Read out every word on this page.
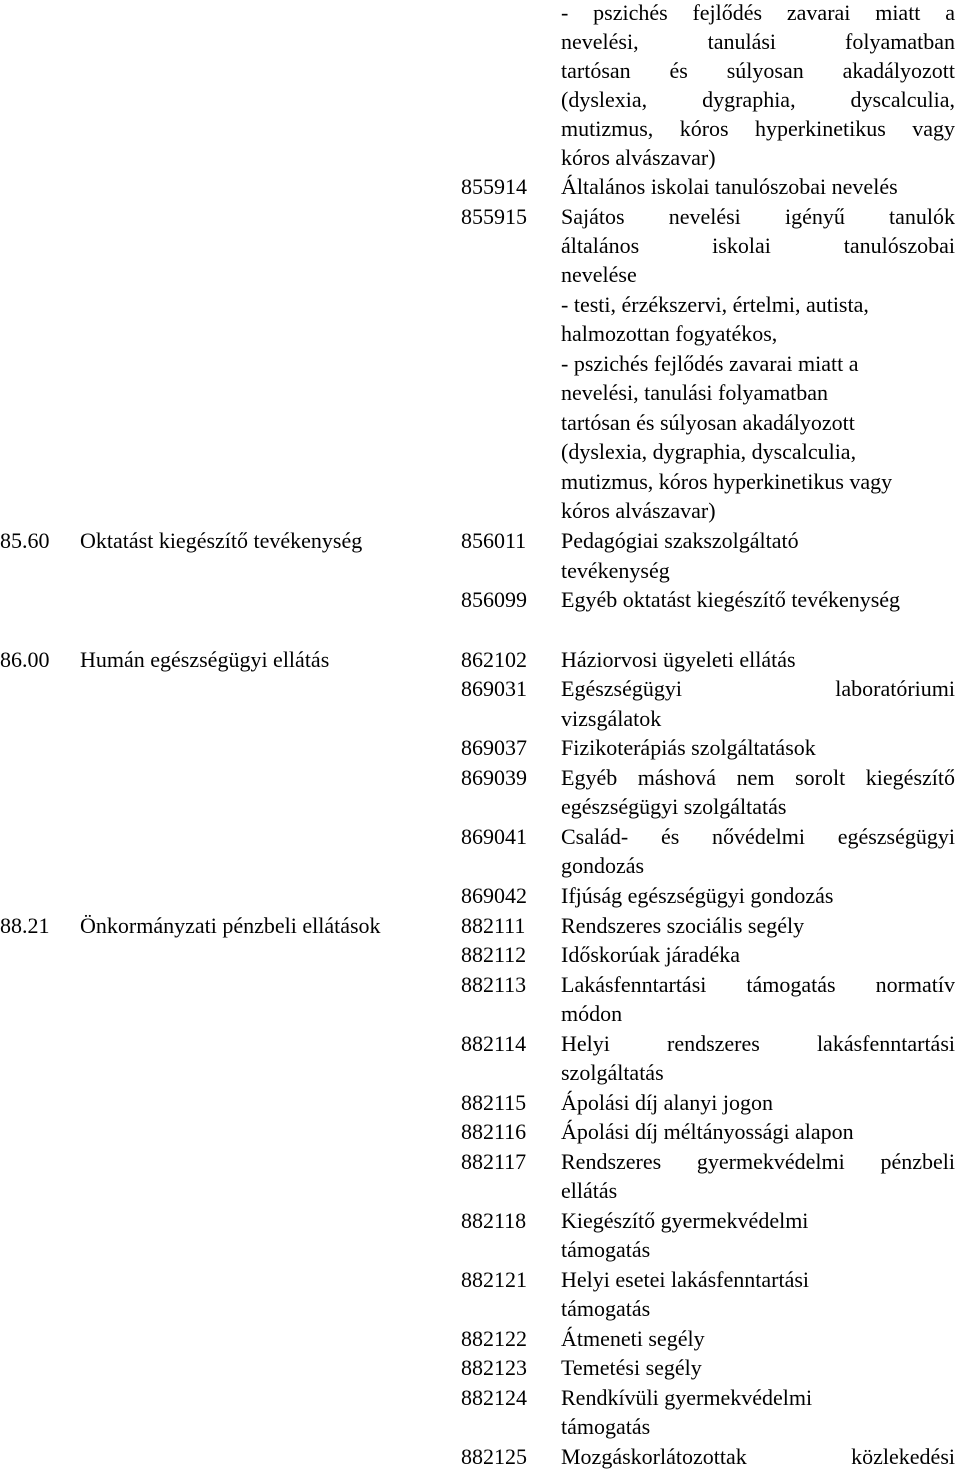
- pszichés fejlődés zavarai miatt a
nevelési, tanulási folyamatban
tartósan és súlyosan akadályozott
(dyslexia, dygraphia, dyscalculia,
mutizmus, kóros hyperkinetikus vagy
kóros alvászavar)
855914 Általános iskolai tanulószobai nevelés
855915 Sajátos nevelési igényű tanulók
általános iskolai tanulószobai
nevelése
- testi, érzékszervi, értelmi, autista,
halmozottan fogyatékos,
- pszichés fejlődés zavarai miatt a
nevelési, tanulási folyamatban
tartósan és súlyosan akadályozott
(dyslexia, dygraphia, dyscalculia,
mutizmus, kóros hyperkinetikus vagy
kóros alvászavar)
85.60 Oktatást kiegészítő tevékenység	856011 Pedagógiai szakszolgáltató
tevékenység
856099 Egyéb oktatást kiegészítő tevékenység
86.00 Humán egészségügyi ellátás	862102 Háziorvosi ügyeleti ellátás
869031 Egészségügyi laboratóriumi
vizsgálatok
869037 Fizikoterápiás szolgáltatások
869039 Egyéb máshová nem sorolt kiegészítő
egészségügyi szolgáltatás
869041 Család- és nővédelmi egészségügyi
gondozás
869042 Ifjúság egészségügyi gondozás
88.21 Önkormányzati pénzbeli ellátások	882111 Rendszeres szociális segély
882112 Időskorúak járadéka
882113 Lakásfenntartási támogatás normatív
módon
882114 Helyi rendszeres lakásfenntartási
szolgáltatás
882115 Ápolási díj alanyi jogon
882116 Ápolási díj méltányossági alapon
882117 Rendszeres gyermekvédelmi pénzbeli
ellátás
882118 Kiegészítő gyermekvédelmi
támogatás
882121 Helyi esetei lakásfenntartási
támogatás
882122 Átmeneti segély
882123 Temetési segély
882124 Rendkívüli gyermekvédelmi
támogatás
882125 Mozgáskorlátozottak közlekedési
